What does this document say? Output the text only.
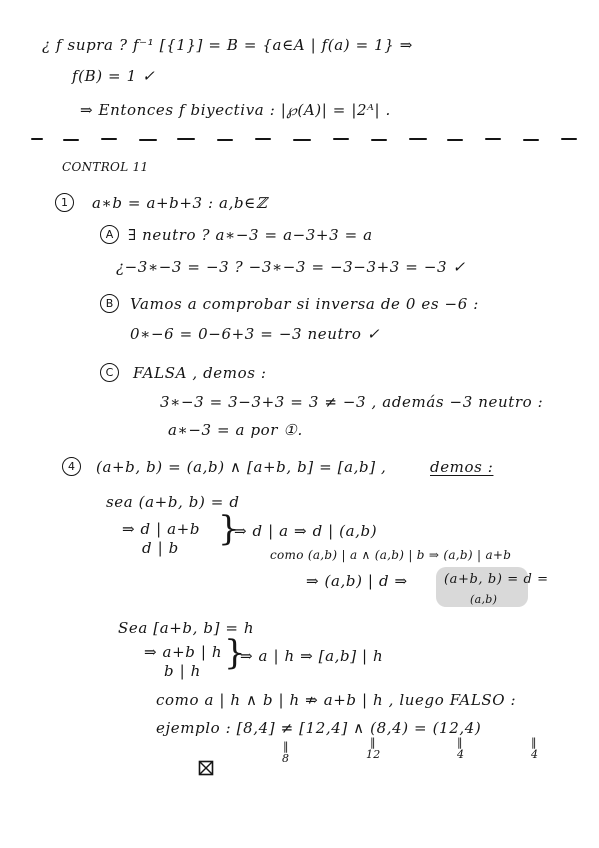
¿ f supra ? f⁻¹ [{1}] = B = {a∈A | f(a) = 1} ⇒
f(B) = 1 ✓
⇒ Entonces f biyectiva : |℘(A)| = |2ᴬ| .
CONTROL 11
1	a∗b = a+b+3 : a,b∈ℤ
A ∃ neutro ? a∗−3 = a−3+3 = a
¿−3∗−3 = −3 ? −3∗−3 = −3−3+3 = −3 ✓
B	Vamos a comprobar si inversa de 0 es −6 :
0∗−6 = 0−6+3 = −3 neutro ✓
C	FALSA , demos :
3∗−3 = 3−3+3 = 3 ≠ −3 , además −3 neutro :
a∗−3 = a por ①.
4	(a+b, b) = (a,b) ∧ [a+b, b] = [a,b] ,	demos :
sea (a+b, b) = d
⇒ d | a+b
d | b }
⇒ d | a ⇒ d | (a,b)
como (a,b) | a ∧ (a,b) | b ⇒ (a,b) | a+b
⇒ (a,b) | d ⇒	(a+b, b) = d =
(a,b)
Sea [a+b, b] = h
⇒ a+b | h
b | h }
⇒ a | h ⇒ [a,b] | h
como a | h ∧ b | h ⇏ a+b | h , luego FALSO :
ejemplo : [8,4] ≠ [12,4] ∧ (8,4) = (12,4)
‖
8
‖
12
‖
4
‖
4
